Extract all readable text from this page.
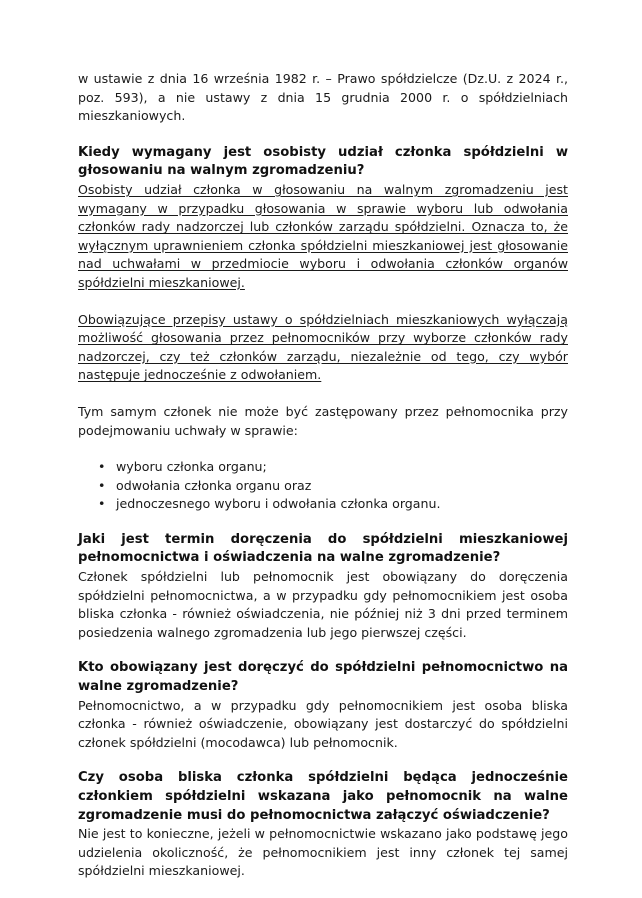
w ustawie z dnia 16 września 1982 r. – Prawo spółdzielcze (Dz.U. z 2024 r., poz. 593), a nie ustawy z dnia 15 grudnia 2000 r. o spółdzielniach mieszkaniowych.

Kiedy wymagany jest osobisty udział członka spółdzielni w głosowaniu na walnym zgromadzeniu?

Osobisty udział członka w głosowaniu na walnym zgromadzeniu jest wymagany w przypadku głosowania w sprawie wyboru lub odwołania członków rady nadzorczej lub członków zarządu spółdzielni. Oznacza to, że wyłącznym uprawnieniem członka spółdzielni mieszkaniowej jest głosowanie nad uchwałami w przedmiocie wyboru i odwołania członków organów spółdzielni mieszkaniowej.

Obowiązujące przepisy ustawy o spółdzielniach mieszkaniowych wyłączają możliwość głosowania przez pełnomocników przy wyborze członków rady nadzorczej, czy też członków zarządu, niezależnie od tego, czy wybór następuje jednocześnie z odwołaniem.

Tym samym członek nie może być zastępowany przez pełnomocnika przy podejmowaniu uchwały w sprawie:

• wyboru członka organu;
• odwołania członka organu oraz
• jednoczesnego wyboru i odwołania członka organu.
Jaki jest termin doręczenia do spółdzielni mieszkaniowej pełnomocnictwa i oświadczenia na walne zgromadzenie?

Członek spółdzielni lub pełnomocnik jest obowiązany do doręczenia spółdzielni pełnomocnictwa, a w przypadku gdy pełnomocnikiem jest osoba bliska członka - również oświadczenia, nie później niż 3 dni przed terminem posiedzenia walnego zgromadzenia lub jego pierwszej części.

Kto obowiązany jest doręczyć do spółdzielni pełnomocnictwo na walne zgromadzenie?

Pełnomocnictwo, a w przypadku gdy pełnomocnikiem jest osoba bliska członka - również oświadczenie, obowiązany jest dostarczyć do spółdzielni członek spółdzielni (mocodawca) lub pełnomocnik.

Czy osoba bliska członka spółdzielni będąca jednocześnie członkiem spółdzielni wskazana jako pełnomocnik na walne zgromadzenie musi do pełnomocnictwa załączyć oświadczenie?

Nie jest to konieczne, jeżeli w pełnomocnictwie wskazano jako podstawę jego udzielenia okoliczność, że pełnomocnikiem jest inny członek tej samej spółdzielni mieszkaniowej.
